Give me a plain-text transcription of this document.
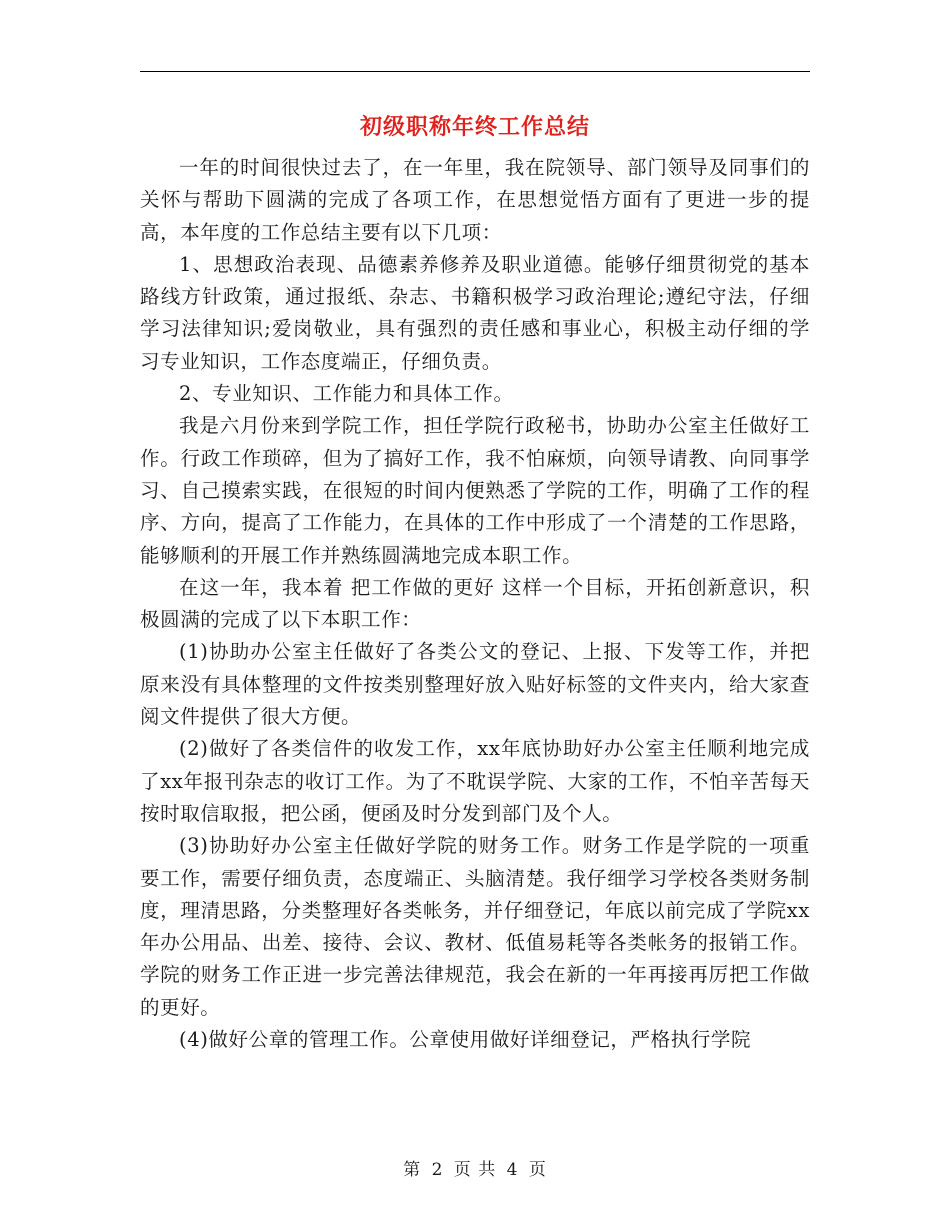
初级职称年终工作总结

一年的时间很快过去了，在一年里，我在院领导、部门领导及同事们的关怀与帮助下圆满的完成了各项工作，在思想觉悟方面有了更进一步的提高，本年度的工作总结主要有以下几项：

1、思想政治表现、品德素养修养及职业道德。能够仔细贯彻党的基本路线方针政策，通过报纸、杂志、书籍积极学习政治理论;遵纪守法，仔细学习法律知识;爱岗敬业，具有强烈的责任感和事业心，积极主动仔细的学习专业知识，工作态度端正，仔细负责。

2、专业知识、工作能力和具体工作。

我是六月份来到学院工作，担任学院行政秘书，协助办公室主任做好工作。行政工作琐碎，但为了搞好工作，我不怕麻烦，向领导请教、向同事学习、自己摸索实践，在很短的时间内便熟悉了学院的工作，明确了工作的程序、方向，提高了工作能力，在具体的工作中形成了一个清楚的工作思路，能够顺利的开展工作并熟练圆满地完成本职工作。

在这一年，我本着 把工作做的更好 这样一个目标，开拓创新意识，积极圆满的完成了以下本职工作：

(1)协助办公室主任做好了各类公文的登记、上报、下发等工作，并把原来没有具体整理的文件按类别整理好放入贴好标签的文件夹内，给大家查阅文件提供了很大方便。

(2)做好了各类信件的收发工作，xx年底协助好办公室主任顺利地完成了xx年报刊杂志的收订工作。为了不耽误学院、大家的工作，不怕辛苦每天按时取信取报，把公函，便函及时分发到部门及个人。

(3)协助好办公室主任做好学院的财务工作。财务工作是学院的一项重要工作，需要仔细负责，态度端正、头脑清楚。我仔细学习学校各类财务制度，理清思路，分类整理好各类帐务，并仔细登记，年底以前完成了学院xx年办公用品、出差、接待、会议、教材、低值易耗等各类帐务的报销工作。学院的财务工作正进一步完善法律规范，我会在新的一年再接再厉把工作做的更好。

(4)做好公章的管理工作。公章使用做好详细登记，严格执行学院

第 2 页 共 4 页
